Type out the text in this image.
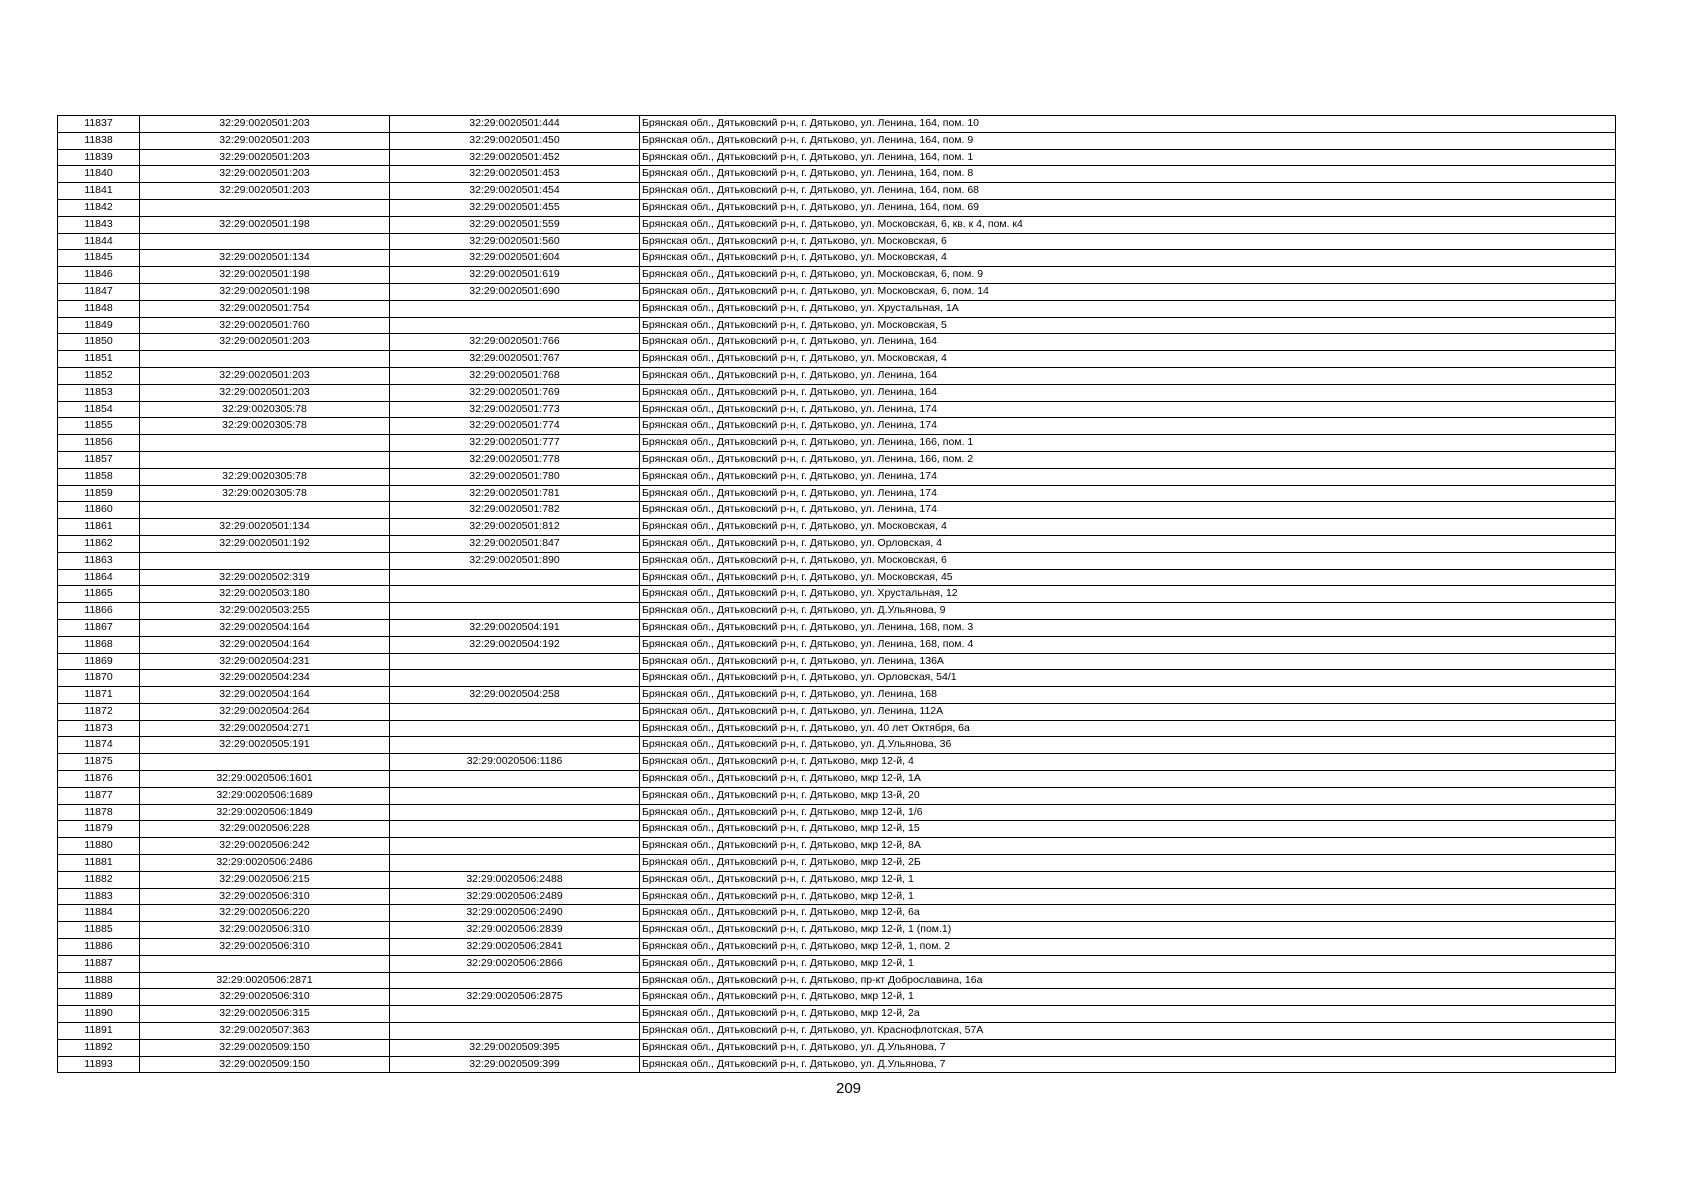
11837	32:29:0020501:203	32:29:0020501:444	Брянская обл., Дятьковский р-н, г. Дятьково, ул. Ленина, 164, пом. 10
11838	32:29:0020501:203	32:29:0020501:450	Брянская обл., Дятьковский р-н, г. Дятьково, ул. Ленина, 164, пом. 9
11839	32:29:0020501:203	32:29:0020501:452	Брянская обл., Дятьковский р-н, г. Дятьково, ул. Ленина, 164, пом. 1
11840	32:29:0020501:203	32:29:0020501:453	Брянская обл., Дятьковский р-н, г. Дятьково, ул. Ленина, 164, пом. 8
11841	32:29:0020501:203	32:29:0020501:454	Брянская обл., Дятьковский р-н, г. Дятьково, ул. Ленина, 164, пом. 68
11842		32:29:0020501:455	Брянская обл., Дятьковский р-н, г. Дятьково, ул. Ленина, 164, пом. 69
11843	32:29:0020501:198	32:29:0020501:559	Брянская обл., Дятьковский р-н, г. Дятьково, ул. Московская, 6, кв. к 4, пом. к4
11844		32:29:0020501:560	Брянская обл., Дятьковский р-н, г. Дятьково, ул. Московская, 6
11845	32:29:0020501:134	32:29:0020501:604	Брянская обл., Дятьковский р-н, г. Дятьково, ул. Московская, 4
11846	32:29:0020501:198	32:29:0020501:619	Брянская обл., Дятьковский р-н, г. Дятьково, ул. Московская, 6, пом. 9
11847	32:29:0020501:198	32:29:0020501:690	Брянская обл., Дятьковский р-н, г. Дятьково, ул. Московская, 6, пом. 14
11848	32:29:0020501:754		Брянская обл., Дятьковский р-н, г. Дятьково, ул. Хрустальная, 1А
11849	32:29:0020501:760		Брянская обл., Дятьковский р-н, г. Дятьково, ул. Московская, 5
11850	32:29:0020501:203	32:29:0020501:766	Брянская обл., Дятьковский р-н, г. Дятьково, ул. Ленина, 164
11851		32:29:0020501:767	Брянская обл., Дятьковский р-н, г. Дятьково, ул. Московская, 4
11852	32:29:0020501:203	32:29:0020501:768	Брянская обл., Дятьковский р-н, г. Дятьково, ул. Ленина, 164
11853	32:29:0020501:203	32:29:0020501:769	Брянская обл., Дятьковский р-н, г. Дятьково, ул. Ленина, 164
11854	32:29:0020305:78	32:29:0020501:773	Брянская обл., Дятьковский р-н, г. Дятьково, ул. Ленина, 174
11855	32:29:0020305:78	32:29:0020501:774	Брянская обл., Дятьковский р-н, г. Дятьково, ул. Ленина, 174
11856		32:29:0020501:777	Брянская обл., Дятьковский р-н, г. Дятьково, ул. Ленина, 166, пом. 1
11857		32:29:0020501:778	Брянская обл., Дятьковский р-н, г. Дятьково, ул. Ленина, 166, пом. 2
11858	32:29:0020305:78	32:29:0020501:780	Брянская обл., Дятьковский р-н, г. Дятьково, ул. Ленина, 174
11859	32:29:0020305:78	32:29:0020501:781	Брянская обл., Дятьковский р-н, г. Дятьково, ул. Ленина, 174
11860		32:29:0020501:782	Брянская обл., Дятьковский р-н, г. Дятьково, ул. Ленина, 174
11861	32:29:0020501:134	32:29:0020501:812	Брянская обл., Дятьковский р-н, г. Дятьково, ул. Московская, 4
11862	32:29:0020501:192	32:29:0020501:847	Брянская обл., Дятьковский р-н, г. Дятьково, ул. Орловская, 4
11863		32:29:0020501:890	Брянская обл., Дятьковский р-н, г. Дятьково, ул. Московская, 6
11864	32:29:0020502:319		Брянская обл., Дятьковский р-н, г. Дятьково, ул. Московская, 45
11865	32:29:0020503:180		Брянская обл., Дятьковский р-н, г. Дятьково, ул. Хрустальная, 12
11866	32:29:0020503:255		Брянская обл., Дятьковский р-н, г. Дятьково, ул. Д.Ульянова, 9
11867	32:29:0020504:164	32:29:0020504:191	Брянская обл., Дятьковский р-н, г. Дятьково, ул. Ленина, 168, пом. 3
11868	32:29:0020504:164	32:29:0020504:192	Брянская обл., Дятьковский р-н, г. Дятьково, ул. Ленина, 168, пом. 4
11869	32:29:0020504:231		Брянская обл., Дятьковский р-н, г. Дятьково, ул. Ленина, 136А
11870	32:29:0020504:234		Брянская обл., Дятьковский р-н, г. Дятьково, ул. Орловская, 54/1
11871	32:29:0020504:164	32:29:0020504:258	Брянская обл., Дятьковский р-н, г. Дятьково, ул. Ленина, 168
11872	32:29:0020504:264		Брянская обл., Дятьковский р-н, г. Дятьково, ул. Ленина, 112А
11873	32:29:0020504:271		Брянская обл., Дятьковский р-н, г. Дятьково, ул. 40 лет Октября, 6а
11874	32:29:0020505:191		Брянская обл., Дятьковский р-н, г. Дятьково, ул. Д.Ульянова, 36
11875		32:29:0020506:1186	Брянская обл., Дятьковский р-н, г. Дятьково, мкр 12-й, 4
11876	32:29:0020506:1601		Брянская обл., Дятьковский р-н, г. Дятьково, мкр 12-й, 1А
11877	32:29:0020506:1689		Брянская обл., Дятьковский р-н, г. Дятьково, мкр 13-й, 20
11878	32:29:0020506:1849		Брянская обл., Дятьковский р-н, г. Дятьково, мкр 12-й, 1/6
11879	32:29:0020506:228		Брянская обл., Дятьковский р-н, г. Дятьково, мкр 12-й, 15
11880	32:29:0020506:242		Брянская обл., Дятьковский р-н, г. Дятьково, мкр 12-й, 8А
11881	32:29:0020506:2486		Брянская обл., Дятьковский р-н, г. Дятьково, мкр 12-й, 2Б
11882	32:29:0020506:215	32:29:0020506:2488	Брянская обл., Дятьковский р-н, г. Дятьково, мкр 12-й, 1
11883	32:29:0020506:310	32:29:0020506:2489	Брянская обл., Дятьковский р-н, г. Дятьково, мкр 12-й, 1
11884	32:29:0020506:220	32:29:0020506:2490	Брянская обл., Дятьковский р-н, г. Дятьково, мкр 12-й, 6а
11885	32:29:0020506:310	32:29:0020506:2839	Брянская обл., Дятьковский р-н, г. Дятьково, мкр 12-й, 1 (пом.1)
11886	32:29:0020506:310	32:29:0020506:2841	Брянская обл., Дятьковский р-н, г. Дятьково, мкр 12-й, 1, пом. 2
11887		32:29:0020506:2866	Брянская обл., Дятьковский р-н, г. Дятьково, мкр 12-й, 1
11888	32:29:0020506:2871		Брянская обл., Дятьковский р-н, г. Дятьково, пр-кт Доброславина, 16а
11889	32:29:0020506:310	32:29:0020506:2875	Брянская обл., Дятьковский р-н, г. Дятьково, мкр 12-й, 1
11890	32:29:0020506:315		Брянская обл., Дятьковский р-н, г. Дятьково, мкр 12-й, 2а
11891	32:29:0020507:363		Брянская обл., Дятьковский р-н, г. Дятьково, ул. Краснофлотская, 57А
11892	32:29:0020509:150	32:29:0020509:395	Брянская обл., Дятьковский р-н, г. Дятьково, ул. Д.Ульянова, 7
11893	32:29:0020509:150	32:29:0020509:399	Брянская обл., Дятьковский р-н, г. Дятьково, ул. Д.Ульянова, 7
209
